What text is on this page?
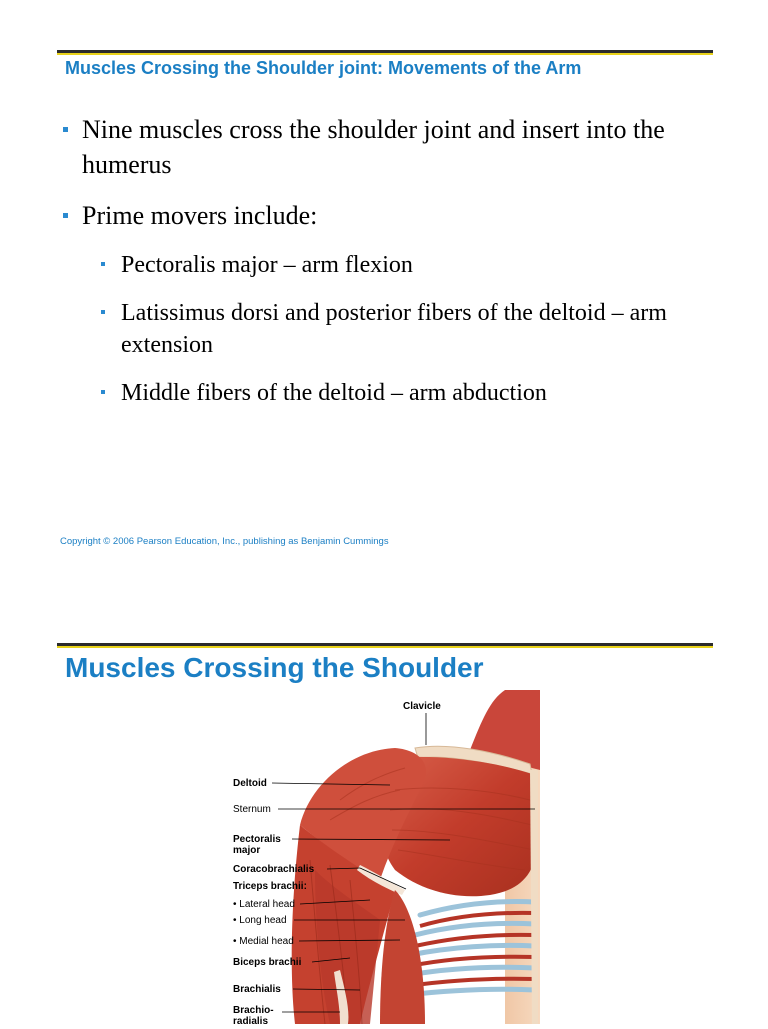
Muscles Crossing the Shoulder joint: Movements of the Arm
Nine muscles cross the shoulder joint and insert into the humerus
Prime movers include:
Pectoralis major – arm flexion
Latissimus dorsi and posterior fibers of the deltoid – arm extension
Middle fibers of the deltoid – arm abduction
Copyright © 2006 Pearson Education, Inc., publishing as Benjamin Cummings
Muscles Crossing the Shoulder
Clavicle
Deltoid
Sternum
Pectoralis
major
Coracobrachialis
Triceps brachii:
• Lateral head
• Long head
• Medial head
Biceps brachii
Brachialis
Brachio-
radialis
